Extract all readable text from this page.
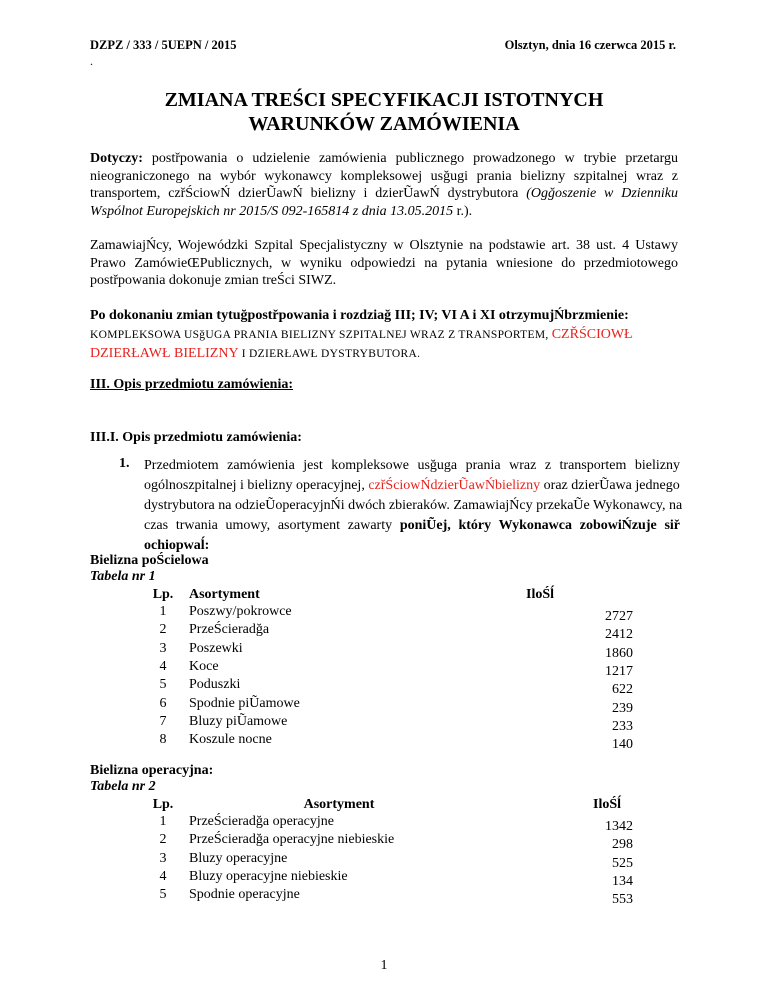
DZPZ / 333 / 5UEPN / 2015
.
Olsztyn, dnia 16 czerwca 2015 r.
ZMIANA TREŚCI SPECYFIKACJI ISTOTNYCH
WARUNKÓW ZAMÓWIENIA
Dotyczy: postřpowania o udzielenie zamówienia publicznego prowadzonego w trybie przetargu nieograniczonego na wybór wykonawcy kompleksowej usğugi prania bielizny szpitalnej wraz z transportem, czřŚciowŃ dzierŨawŃ bielizny i dzierŨawŃ dystrybutora (Ogğoszenie w Dzienniku Wspólnot Europejskich nr 2015/S 092-165814 z dnia 13.05.2015 r.).
ZamawiajŃcy, Wojewódzki Szpital Specjalistyczny w Olsztynie na podstawie art. 38 ust. 4 Ustawy Prawo ZamówieŒPublicznych, w wyniku odpowiedzi na pytania wniesione do przedmiotowego postřpowania dokonuje zmian treŚci SIWZ.
Po dokonaniu zmian tytuğpostřpowania i rozdziağ III; IV; VI A i XI otrzymujŃbrzmienie:
KOMPLEKSOWA USğUGA PRANIA BIELIZNY SZPITALNEJ WRAZ Z TRANSPORTEM, CZŘŚCIOWŁ
DZIERŁAWŁ BIELIZNY I DZIERŁAWŁ DYSTRYBUTORA.
III. Opis przedmiotu zamówienia:
III.I. Opis przedmiotu zamówienia:
1. Przedmiotem zamówienia jest kompleksowe usğuga prania wraz z transportem bielizny
ogólnoszpitalnej i bielizny operacyjnej, czřŚciowŃdzierŨawŃbielizny oraz dzierŨawa jednego
dystrybutora na odzieŨoperacyjnŃi dwóch zbieraków. ZamawiajŃcy przekaŨe Wykonawcy, na
czas trwania umowy, asortyment zawarty poniŨej, który Wykonawca zobowiŃzuje siř
ochiopwaĺ:
Bielizna poŚcielowa
Tabela nr 1
Lp.	Asortyment	IloŚĺ
1	Poszwy/pokrowce	2727
2	PrzeŚcieradğa	2412
3	Poszewki	1860
4	Koce	1217
5	Poduszki	622
6	Spodnie piŨamowe	239
7	Bluzy piŨamowe	233
8	Koszule nocne	140
Bielizna operacyjna:
Tabela nr 2
Lp.	Asortyment	IloŚĺ
1	PrzeŚcieradğa operacyjne	1342
2	PrzeŚcieradğa operacyjne niebieskie	298
3	Bluzy operacyjne	525
4	Bluzy operacyjne niebieskie	134
5	Spodnie operacyjne	553
1
